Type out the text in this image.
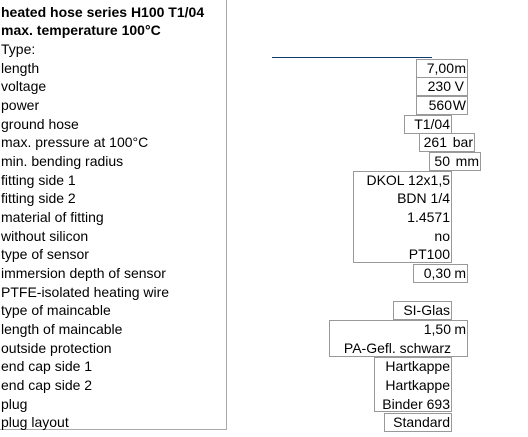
heated hose series H100 T1/04
max. temperature 100°C
Type:
length
voltage
power
ground hose
max. pressure at 100°C
min. bending radius
fitting side 1
fitting side 2
material of fitting
without silicon
type of sensor
immersion depth of sensor
PTFE-isolated heating wire
type of maincable
length of maincable
outside protection
end cap side 1
end cap side 2
plug
plug layout
7,00 m
230 V
560 W
T1/04
261 bar
50 mm
DKOL 12x1,5
BDN 1/4
1.4571
no
PT100
0,30 m
SI-Glas
1,50 m
PA-Gefl. schwarz
Hartkappe
Hartkappe
Binder 693
Standard
